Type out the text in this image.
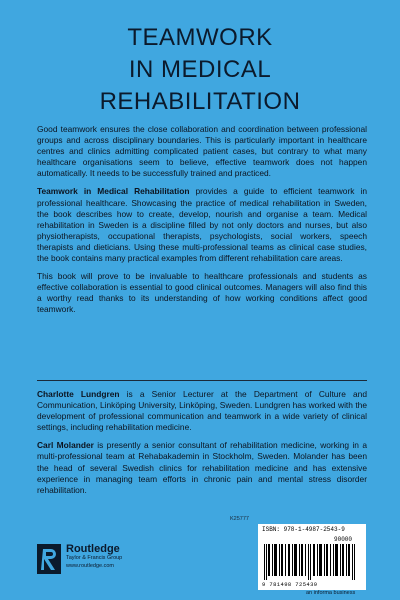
TEAMWORK
IN MEDICAL
REHABILITATION

Good teamwork ensures the close collaboration and coordination between professional groups and across disciplinary boundaries. This is particularly important in healthcare centres and clinics admitting complicated patient cases, but contrary to what many healthcare organisations seem to believe, effective teamwork does not happen automatically. It needs to be successfully trained and practiced.

Teamwork in Medical Rehabilitation provides a guide to efficient teamwork in professional healthcare. Showcasing the practice of medical rehabilitation in Sweden, the book describes how to create, develop, nourish and organise a team. Medical rehabilitation in Sweden is a discipline filled by not only doctors and nurses, but also physiotherapists, occupational therapists, psychologists, social workers, speech therapists and dieticians. Using these multi-professional teams as clinical case studies, the book contains many practical examples from different rehabilitation care areas.

This book will prove to be invaluable to healthcare professionals and students as effective collaboration is essential to good clinical outcomes. Managers will also find this a worthy read thanks to its understanding of how working conditions affect good teamwork.

Charlotte Lundgren is a Senior Lecturer at the Department of Culture and Communication, Linköping University, Linköping, Sweden. Lundgren has worked with the development of professional communication and teamwork in a wide variety of clinical settings, including rehabilitation medicine.

Carl Molander is presently a senior consultant of rehabilitation medicine, working in a multi-professional team at Rehabakademin in Stockholm, Sweden. Molander has been the head of several Swedish clinics for rehabilitation medicine and has extensive experience in managing team efforts in chronic pain and mental stress disorder rehabilitation.

K25777
Routledge
Taylor & Francis Group
www.routledge.com
ISBN: 978-1-4987-2543-9
90000
9 781498 725439
an informa business
